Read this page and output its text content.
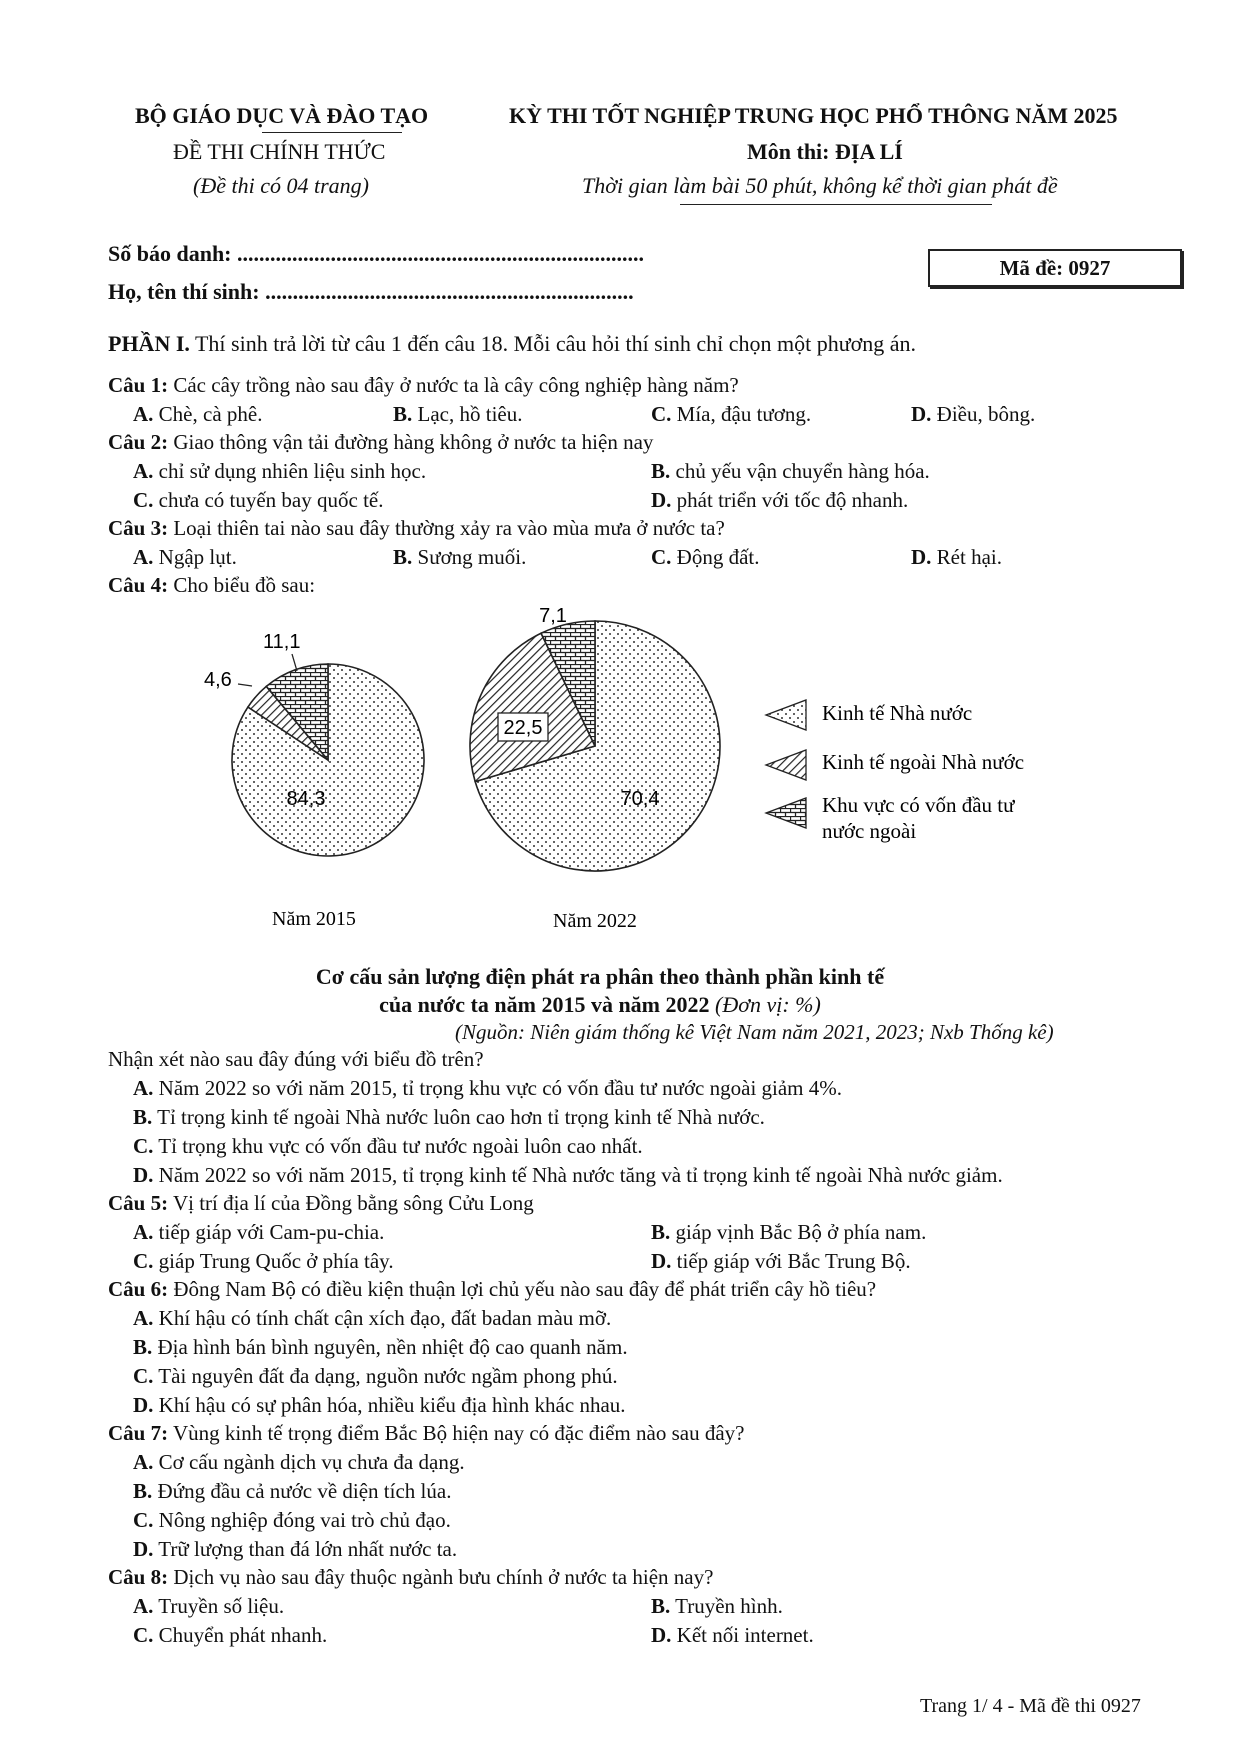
BỘ GIÁO DỤC VÀ ĐÀO TẠO
ĐỀ THI CHÍNH THỨC
(Đề thi có 04 trang)
KỲ THI TỐT NGHIỆP TRUNG HỌC PHỔ THÔNG NĂM 2025
Môn thi: ĐỊA LÍ
Thời gian làm bài 50 phút, không kể thời gian phát đề
Số báo danh: ..........................................................................
Họ, tên thí sinh: ...................................................................
Mã đề: 0927
PHẦN I. Thí sinh trả lời từ câu 1 đến câu 18. Mỗi câu hỏi thí sinh chỉ chọn một phương án.
Câu 1: Các cây trồng nào sau đây ở nước ta là cây công nghiệp hàng năm?
A. Chè, cà phê.	B. Lạc, hồ tiêu.	C. Mía, đậu tương.	D. Điều, bông.
Câu 2: Giao thông vận tải đường hàng không ở nước ta hiện nay
A. chỉ sử dụng nhiên liệu sinh học.	B. chủ yếu vận chuyển hàng hóa.
C. chưa có tuyến bay quốc tế.	D. phát triển với tốc độ nhanh.
Câu 3: Loại thiên tai nào sau đây thường xảy ra vào mùa mưa ở nước ta?
A. Ngập lụt.	B. Sương muối.	C. Động đất.	D. Rét hại.
Câu 4: Cho biểu đồ sau:
84,3
4,6
11,1
70,4
22,5
7,1
Năm 2015	Năm 2022
Kinh tế Nhà nước
Kinh tế ngoài Nhà nước
Khu vực có vốn đầu tư
nước ngoài
Cơ cấu sản lượng điện phát ra phân theo thành phần kinh tế
của nước ta năm 2015 và năm 2022 (Đơn vị: %)
(Nguồn: Niên giám thống kê Việt Nam năm 2021, 2023; Nxb Thống kê)
Nhận xét nào sau đây đúng với biểu đồ trên?
A. Năm 2022 so với năm 2015, tỉ trọng khu vực có vốn đầu tư nước ngoài giảm 4%.
B. Tỉ trọng kinh tế ngoài Nhà nước luôn cao hơn tỉ trọng kinh tế Nhà nước.
C. Tỉ trọng khu vực có vốn đầu tư nước ngoài luôn cao nhất.
D. Năm 2022 so với năm 2015, tỉ trọng kinh tế Nhà nước tăng và tỉ trọng kinh tế ngoài Nhà nước giảm.
Câu 5: Vị trí địa lí của Đồng bằng sông Cửu Long
A. tiếp giáp với Cam-pu-chia.	B. giáp vịnh Bắc Bộ ở phía nam.
C. giáp Trung Quốc ở phía tây.	D. tiếp giáp với Bắc Trung Bộ.
Câu 6: Đông Nam Bộ có điều kiện thuận lợi chủ yếu nào sau đây để phát triển cây hồ tiêu?
A. Khí hậu có tính chất cận xích đạo, đất badan màu mỡ.
B. Địa hình bán bình nguyên, nền nhiệt độ cao quanh năm.
C. Tài nguyên đất đa dạng, nguồn nước ngầm phong phú.
D. Khí hậu có sự phân hóa, nhiều kiểu địa hình khác nhau.
Câu 7: Vùng kinh tế trọng điểm Bắc Bộ hiện nay có đặc điểm nào sau đây?
A. Cơ cấu ngành dịch vụ chưa đa dạng.
B. Đứng đầu cả nước về diện tích lúa.
C. Nông nghiệp đóng vai trò chủ đạo.
D. Trữ lượng than đá lớn nhất nước ta.
Câu 8: Dịch vụ nào sau đây thuộc ngành bưu chính ở nước ta hiện nay?
A. Truyền số liệu.	B. Truyền hình.
C. Chuyển phát nhanh.	D. Kết nối internet.
Trang 1/ 4 - Mã đề thi 0927
